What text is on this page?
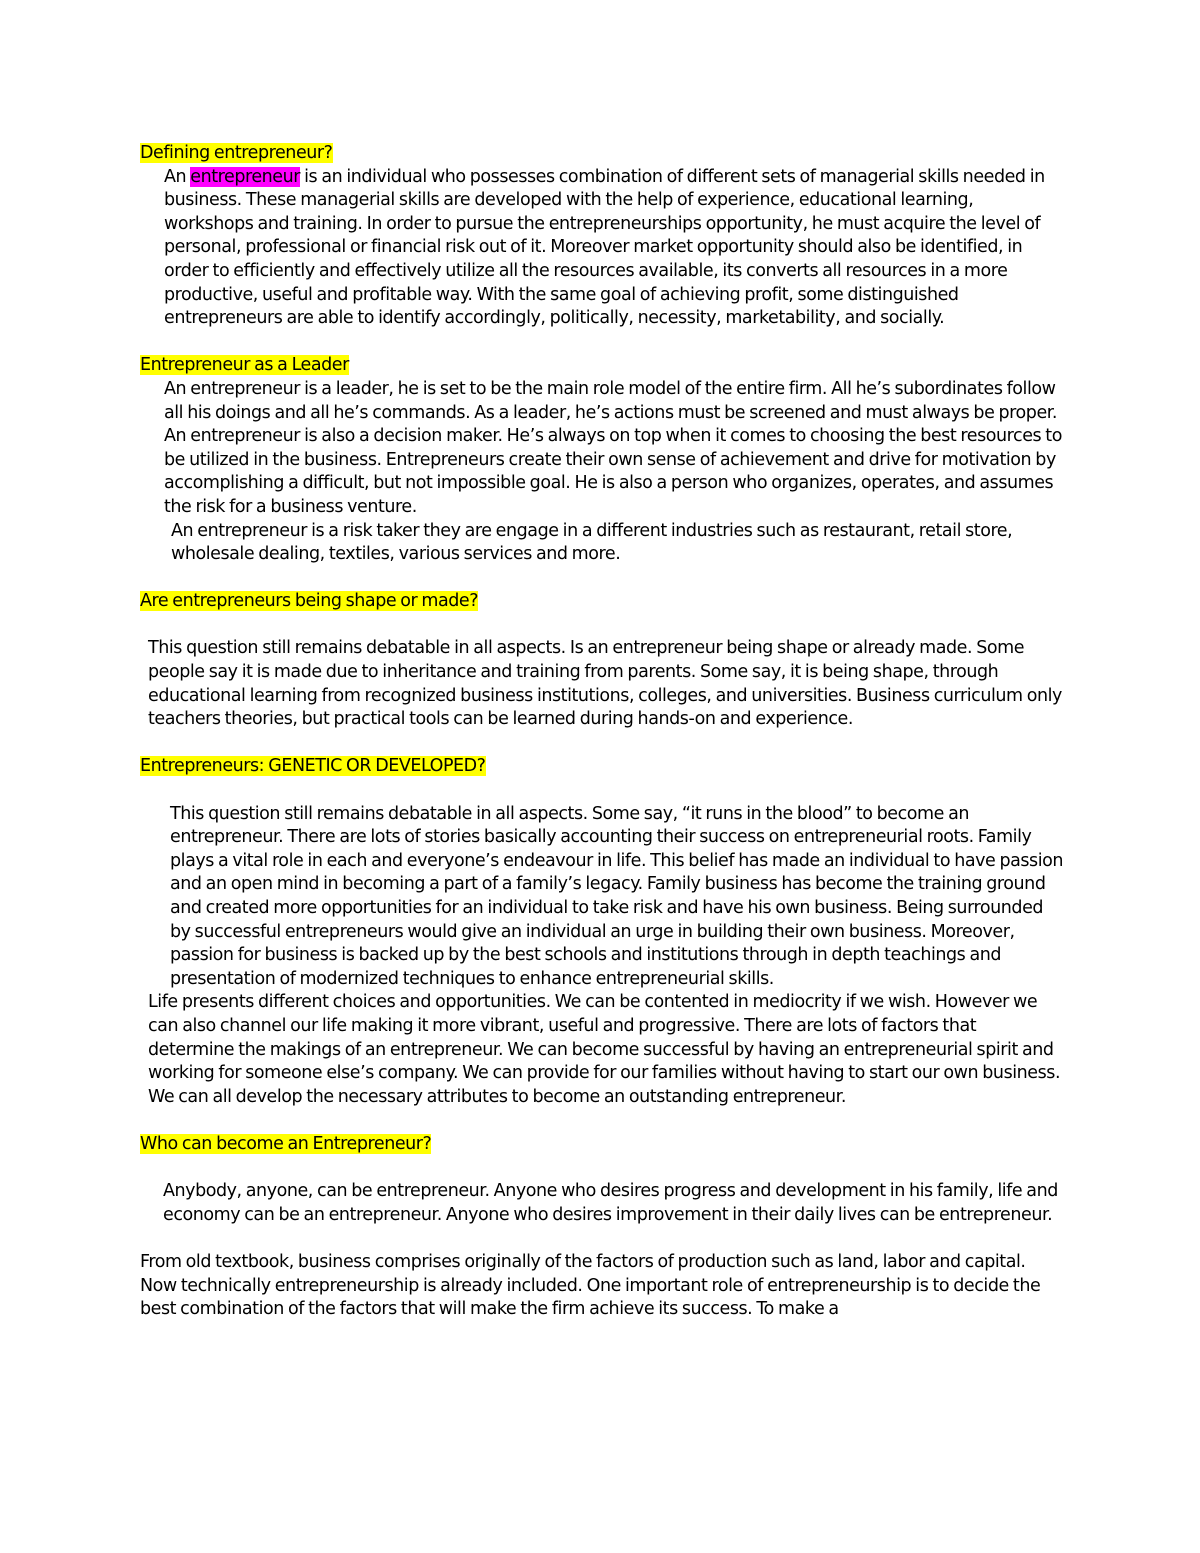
Defining entrepreneur?

An entrepreneur is an individual who possesses combination of different sets of managerial skills needed in business. These managerial skills are developed with the help of experience, educational learning, workshops and training. In order to pursue the entrepreneurships opportunity, he must acquire the level of personal, professional or financial risk out of it. Moreover market opportunity should also be identified, in order to efficiently and effectively utilize all the resources available, its converts all resources in a more productive, useful and profitable way. With the same goal of achieving profit, some distinguished entrepreneurs are able to identify accordingly, politically, necessity, marketability, and socially.

Entrepreneur as a Leader

An entrepreneur is a leader, he is set to be the main role model of the entire firm. All he’s subordinates follow all his doings and all he’s commands. As a leader, he’s actions must be screened and must always be proper. An entrepreneur is also a decision maker. He’s always on top when it comes to choosing the best resources to be utilized in the business. Entrepreneurs create their own sense of achievement and drive for motivation by accomplishing a difficult, but not impossible goal. He is also a person who organizes, operates, and assumes the risk for a business venture.

An entrepreneur is a risk taker they are engage in a different industries such as restaurant, retail store, wholesale dealing, textiles, various services and more.

Are entrepreneurs being shape or made?

This question still remains debatable in all aspects. Is an entrepreneur being shape or already made. Some people say it is made due to inheritance and training from parents. Some say, it is being shape, through educational learning from recognized business institutions, colleges, and universities. Business curriculum only teachers theories, but practical tools can be learned during hands-on and experience.

Entrepreneurs: GENETIC OR DEVELOPED?

This question still remains debatable in all aspects. Some say, “it runs in the blood” to become an entrepreneur. There are lots of stories basically accounting their success on entrepreneurial roots. Family plays a vital role in each and everyone’s endeavour in life. This belief has made an individual to have passion and an open mind in becoming a part of a family’s legacy. Family business has become the training ground and created more opportunities for an individual to take risk and have his own business. Being surrounded by successful entrepreneurs would give an individual an urge in building their own business. Moreover, passion for business is backed up by the best schools and institutions through in depth teachings and presentation of modernized techniques to enhance entrepreneurial skills.

Life presents different choices and opportunities. We can be contented in mediocrity if we wish. However we can also channel our life making it more vibrant, useful and progressive. There are lots of factors that determine the makings of an entrepreneur. We can become successful by having an entrepreneurial spirit and working for someone else’s company. We can provide for our families without having to start our own business. We can all develop the necessary attributes to become an outstanding entrepreneur.

Who can become an Entrepreneur?

Anybody, anyone, can be entrepreneur. Anyone who desires progress and development in his family, life and economy can be an entrepreneur. Anyone who desires improvement in their daily lives can be entrepreneur.

From old textbook, business comprises originally of the factors of production such as land, labor and capital. Now technically entrepreneurship is already included. One important role of entrepreneurship is to decide the best combination of the factors that will make the firm achieve its success. To make a
